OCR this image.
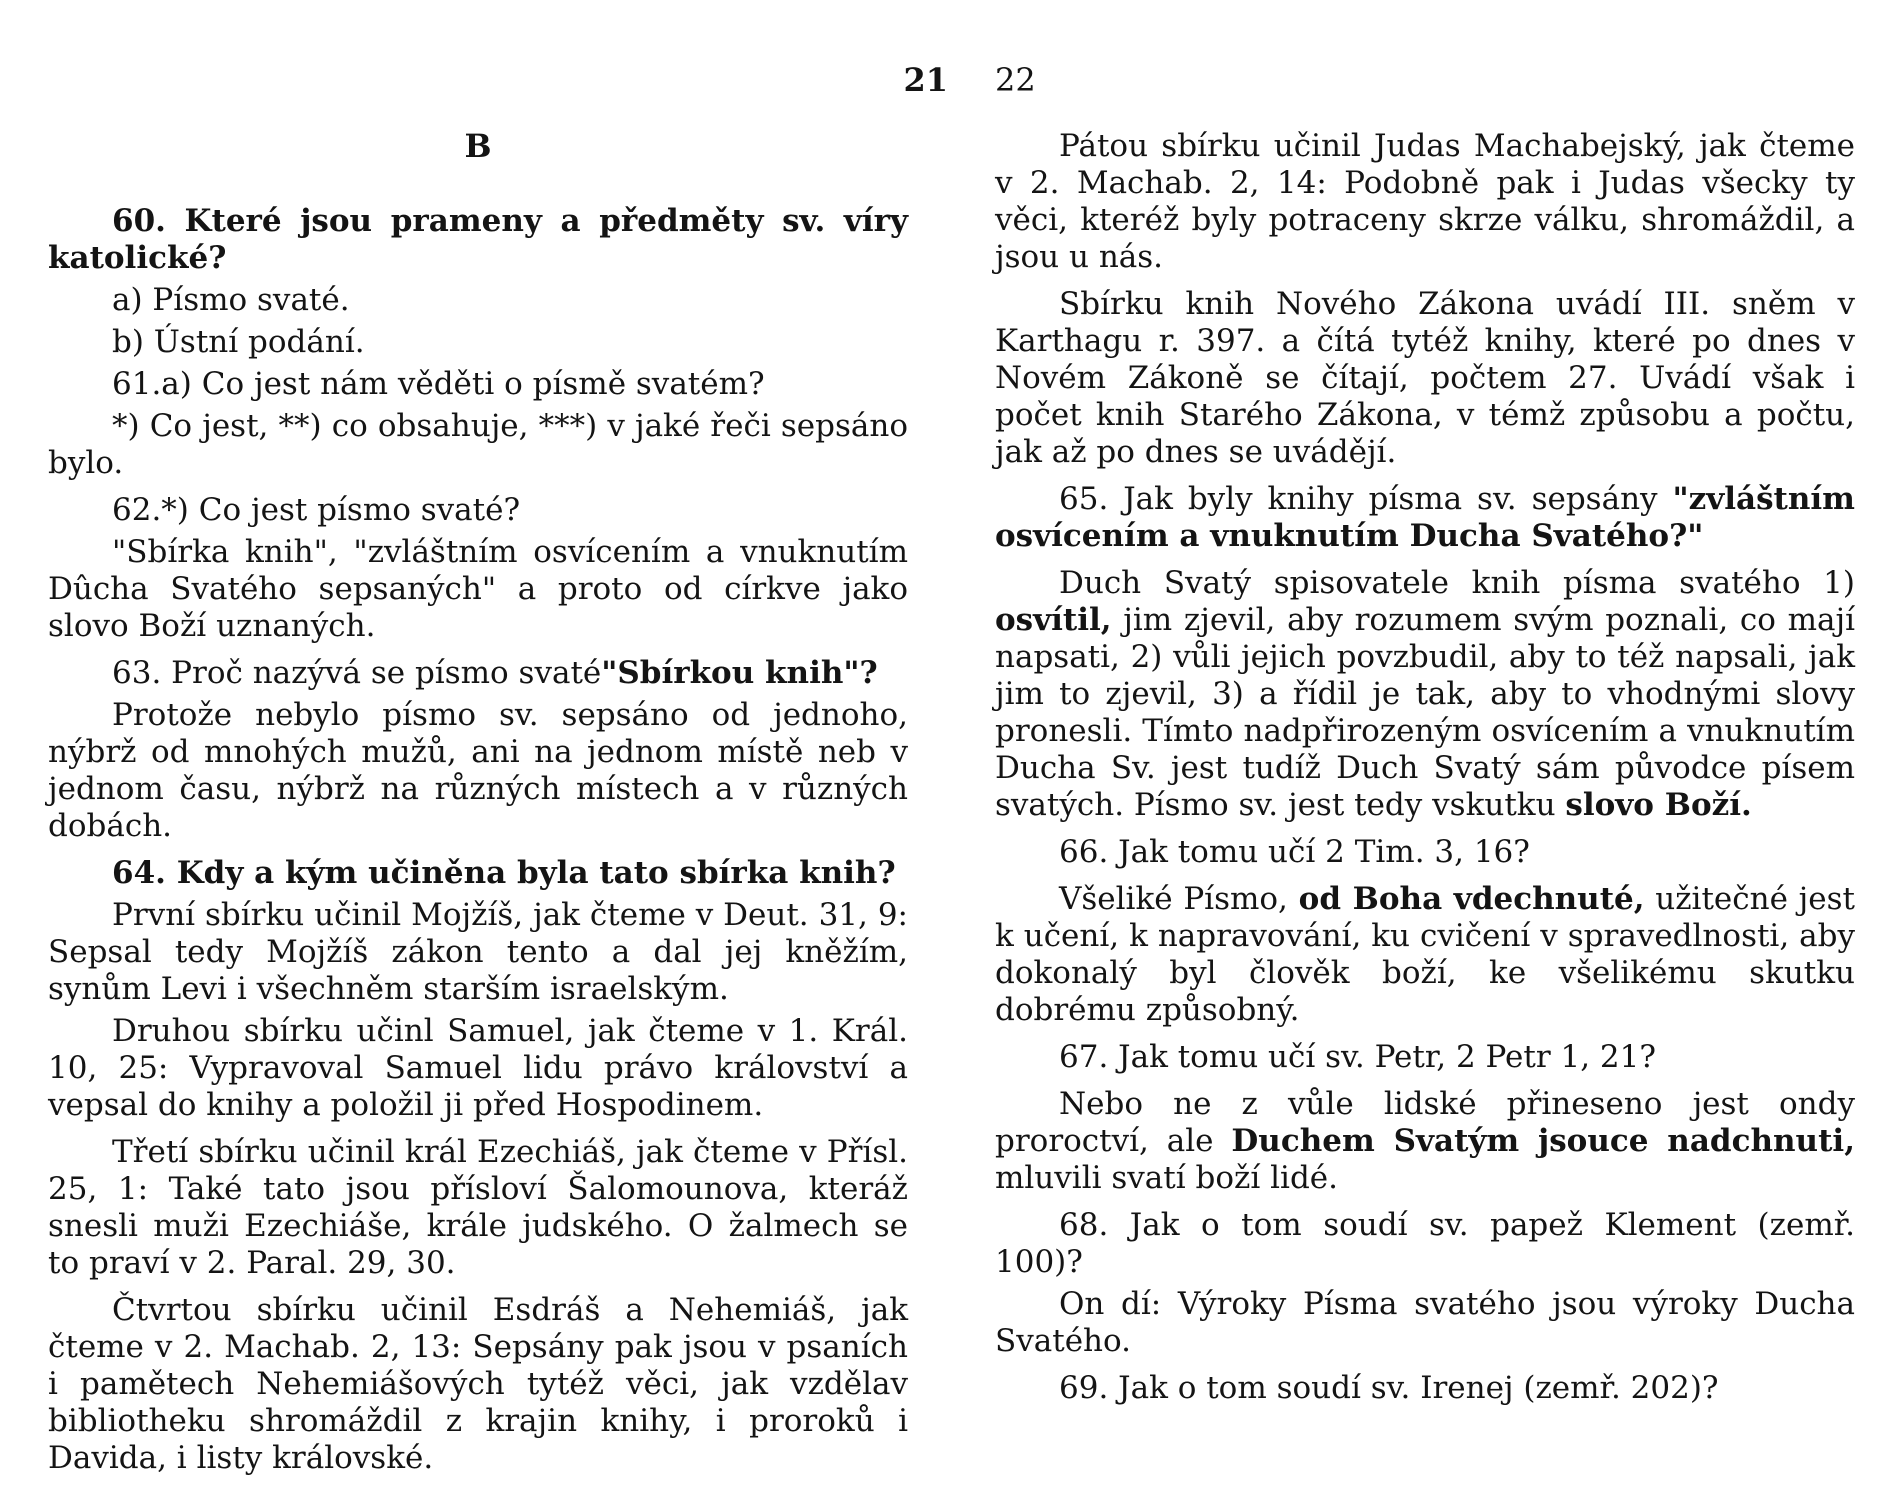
21
B

60. Které jsou prameny a předměty sv. víry katolické?

a) Písmo svaté.

b) Ústní podání.

61.a) Co jest nám věděti o písmě svatém?

*) Co jest, **) co obsahuje, ***) v jaké řeči sepsáno bylo.

62.*) Co jest písmo svaté?

"Sbírka knih", "zvláštním osvícením a vnuknutím Dûcha Svatého sepsaných" a proto od církve jako slovo Boží uznaných.

63. Proč nazývá se písmo svaté"Sbírkou knih"?

Protože nebylo písmo sv. sepsáno od jednoho, nýbrž od mnohých mužů, ani na jednom místě neb v jednom času, nýbrž na různých místech a v různých dobách.

64. Kdy a kým učiněna byla tato sbírka knih?

První sbírku učinil Mojžíš, jak čteme v Deut. 31, 9: Sepsal tedy Mojžíš zákon tento a dal jej kněžím, synům Levi i všechněm starším israelským.

Druhou sbírku učinl Samuel, jak čteme v 1. Král. 10, 25: Vypravoval Samuel lidu právo království a vepsal do knihy a položil ji před Hospodinem.

Třetí sbírku učinil král Ezechiáš, jak čteme v Přísl. 25, 1: Také tato jsou přísloví Šalomounova, kteráž snesli muži Ezechiáše, krále judského. O žalmech se to praví v 2. Paral. 29, 30.

Čtvrtou sbírku učinil Esdráš a Nehemiáš, jak čteme v 2. Machab. 2, 13: Sepsány pak jsou v psaních i pamětech Nehemiášových tytéž věci, jak vzdělav bibliotheku shromáždil z krajin knihy, i proroků i Davida, i listy královské.

22

Pátou sbírku učinil Judas Machabejský, jak čteme v 2. Machab. 2, 14: Podobně pak i Judas všecky ty věci, kteréž byly potraceny skrze válku, shromáždil, a jsou u nás.

Sbírku knih Nového Zákona uvádí III. sněm v Karthagu r. 397. a čítá tytéž knihy, které po dnes v Novém Zákoně se čítají, počtem 27. Uvádí však i počet knih Starého Zákona, v témž způsobu a počtu, jak až po dnes se uvádějí.

65. Jak byly knihy písma sv. sepsány "zvláštním osvícením a vnuknutím Ducha Svatého?"

Duch Svatý spisovatele knih písma svatého 1) osvítil, jim zjevil, aby rozumem svým poznali, co mají napsati, 2) vůli jejich povzbudil, aby to též napsali, jak jim to zjevil, 3) a řídil je tak, aby to vhodnými slovy pronesli. Tímto nadpřirozeným osvícením a vnuknutím Ducha Sv. jest tudíž Duch Svatý sám původce písem svatých. Písmo sv. jest tedy vskutku slovo Boží.

66. Jak tomu učí 2 Tim. 3, 16?

Všeliké Písmo, od Boha vdechnuté, užitečné jest k učení, k napravování, ku cvičení v spravedlnosti, aby dokonalý byl člověk boží, ke všelikému skutku dobrému způsobný.

67. Jak tomu učí sv. Petr, 2 Petr 1, 21?

Nebo ne z vůle lidské přineseno jest ondy proroctví, ale Duchem Svatým jsouce nadchnuti, mluvili svatí boží lidé.

68. Jak o tom soudí sv. papež Klement (zemř. 100)?

On dí: Výroky Písma svatého jsou výroky Ducha Svatého.

69. Jak o tom soudí sv. Irenej (zemř. 202)?
